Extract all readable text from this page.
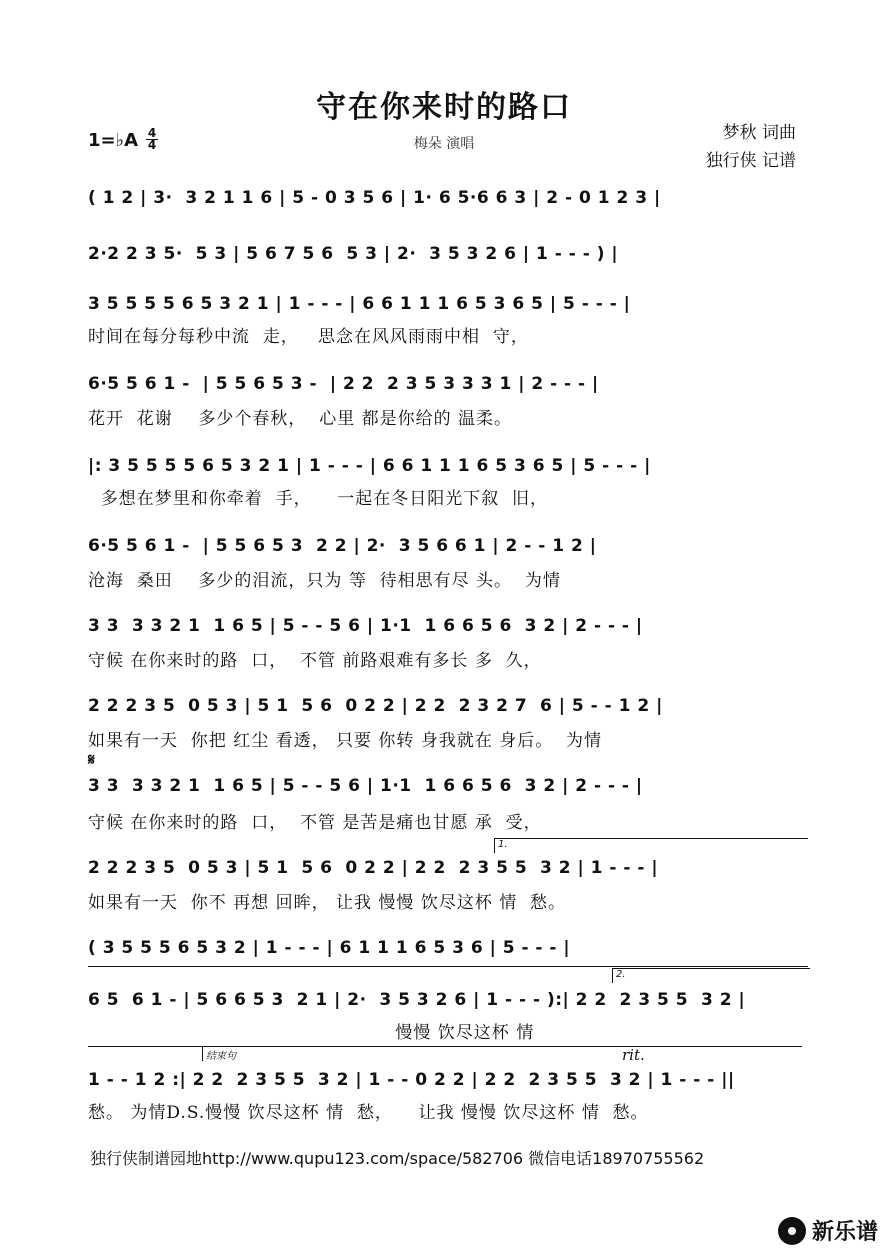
守在你来时的路口
梅朵 演唱
梦秋 词曲
独行侠 记谱
1=♭A 4
4
( 1 2 | 3·  3 2 1 1 6 | 5 - 0 3 5 6 | 1· 6 5·6 6 3 | 2 - 0 1 2 3 |
2·2 2 3 5·  5 3 | 5 6 7 5 6  5 3 | 2·  3 5 3 2 6 | 1 - - - ) |
3 5 5 5 5 6 5 3 2 1 | 1 - - - | 6 6 1 1 1 6 5 3 6 5 | 5 - - - |
时间在每分每秒中流  走，   思念在风风雨雨中相  守，
6·5 5 6 1 -  | 5 5 6 5 3 -  | 2 2  2 3 5 3 3 3 1 | 2 - - - |
花开  花谢    多少个春秋，  心里 都是你给的 温柔。
|: 3 5 5 5 5 6 5 3 2 1 | 1 - - - | 6 6 1 1 1 6 5 3 6 5 | 5 - - - |
多想在梦里和你牵着  手，    一起在冬日阳光下叙  旧，
6·5 5 6 1 -  | 5 5 6 5 3  2 2 | 2·  3 5 6 6 1 | 2 - - 1 2 |
沧海  桑田    多少的泪流，只为 等  待相思有尽 头。  为情
3 3  3 3 2 1  1 6 5 | 5 - - 5 6 | 1·1  1 6 6 5 6  3 2 | 2 - - - |
守候 在你来时的路  口，  不管 前路艰难有多长 多  久，
2 2 2 3 5  0 5 3 | 5 1  5 6  0 2 2 | 2 2  2 3 2 7  6 | 5 - - 1 2 |
如果有一天  你把 红尘 看透， 只要 你转 身我就在 身后。  为情
𝄋
3 3  3 3 2 1  1 6 5 | 5 - - 5 6 | 1·1  1 6 6 5 6  3 2 | 2 - - - |
守候 在你来时的路  口，  不管 是苦是痛也甘愿 承  受，
1.
2 2 2 3 5  0 5 3 | 5 1  5 6  0 2 2 | 2 2  2 3 5 5  3 2 | 1 - - - |
如果有一天  你不 再想 回眸， 让我 慢慢 饮尽这杯 情  愁。
( 3 5 5 5 6 5 3 2 | 1 - - - | 6 1 1 1 6 5 3 6 | 5 - - - |
2.
6 5  6 1 - | 5 6 6 5 3  2 1 | 2·  3 5 3 2 6 | 1 - - - ):| 2 2  2 3 5 5  3 2 |
慢慢 饮尽这杯 情
结束句	rit.
1 - - 1 2 :| 2 2  2 3 5 5  3 2 | 1 - - 0 2 2 | 2 2  2 3 5 5  3 2 | 1 - - - ||
愁。 为情D.S.慢慢 饮尽这杯 情  愁，    让我 慢慢 饮尽这杯 情  愁。
独行侠制谱园地http://www.qupu123.com/space/582706 微信电话18970755562
新乐谱
